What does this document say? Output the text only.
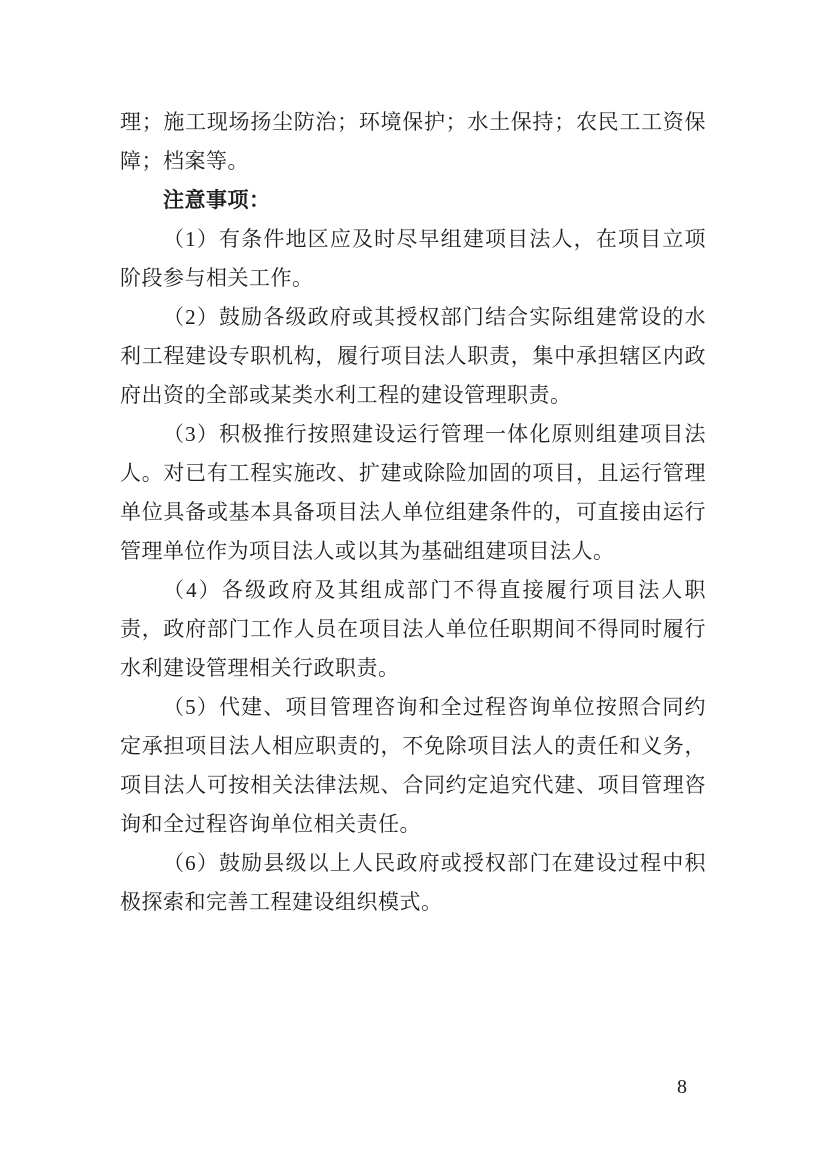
理；施工现场扬尘防治；环境保护；水土保持；农民工工资保障；档案等。

注意事项：

（1）有条件地区应及时尽早组建项目法人，在项目立项阶段参与相关工作。

（2）鼓励各级政府或其授权部门结合实际组建常设的水利工程建设专职机构，履行项目法人职责，集中承担辖区内政府出资的全部或某类水利工程的建设管理职责。

（3）积极推行按照建设运行管理一体化原则组建项目法人。对已有工程实施改、扩建或除险加固的项目，且运行管理单位具备或基本具备项目法人单位组建条件的，可直接由运行管理单位作为项目法人或以其为基础组建项目法人。

（4）各级政府及其组成部门不得直接履行项目法人职责，政府部门工作人员在项目法人单位任职期间不得同时履行水利建设管理相关行政职责。

（5）代建、项目管理咨询和全过程咨询单位按照合同约定承担项目法人相应职责的，不免除项目法人的责任和义务，项目法人可按相关法律法规、合同约定追究代建、项目管理咨询和全过程咨询单位相关责任。

（6）鼓励县级以上人民政府或授权部门在建设过程中积极探索和完善工程建设组织模式。

8
